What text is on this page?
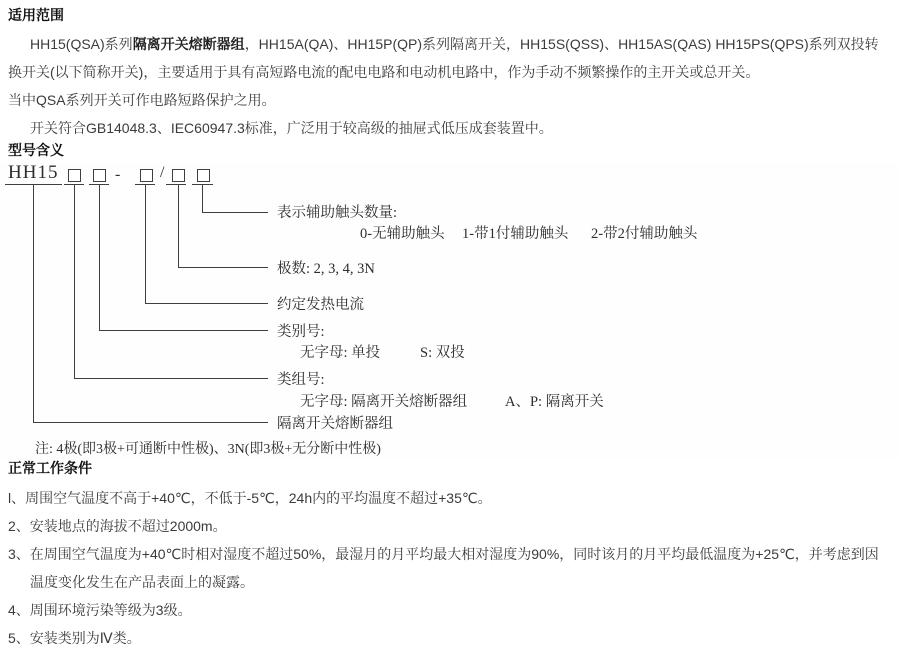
适用范围

HH15(QSA)系列隔离开关熔断器组，HH15A(QA)、HH15P(QP)系列隔离开关，HH15S(QSS)、HH15AS(QAS) HH15PS(QPS)系列双投转换开关(以下简称开关)，主要适用于具有高短路电流的配电电路和电动机电路中，作为手动不频繁操作的主开关或总开关。

当中QSA系列开关可作电路短路保护之用。

开关符合GB14048.3、IEC60947.3标准，广泛用于较高级的抽屉式低压成套装置中。

型号含义
HH15	- /
表示辅助触头数量:
0-无辅助触头 1-带1付辅助触头 2-带2付辅助触头
极数: 2, 3, 4, 3N
约定发热电流
类别号:
无字母: 单投	S: 双投
类组号:
无字母: 隔离开关熔断器组	A、P: 隔离开关
隔离开关熔断器组
注: 4极(即3极+可通断中性极)、3N(即3极+无分断中性极)
正常工作条件

l、周围空气温度不高于+40℃，不低于-5℃，24h内的平均温度不超过+35℃。

2、安装地点的海拔不超过2000m。

3、在周围空气温度为+40℃时相对湿度不超过50%，最湿月的月平均最大相对湿度为90%，同时该月的月平均最低温度为+25℃，并考虑到因温度变化发生在产品表面上的凝露。

4、周围环境污染等级为3级。

5、安装类别为Ⅳ类。
